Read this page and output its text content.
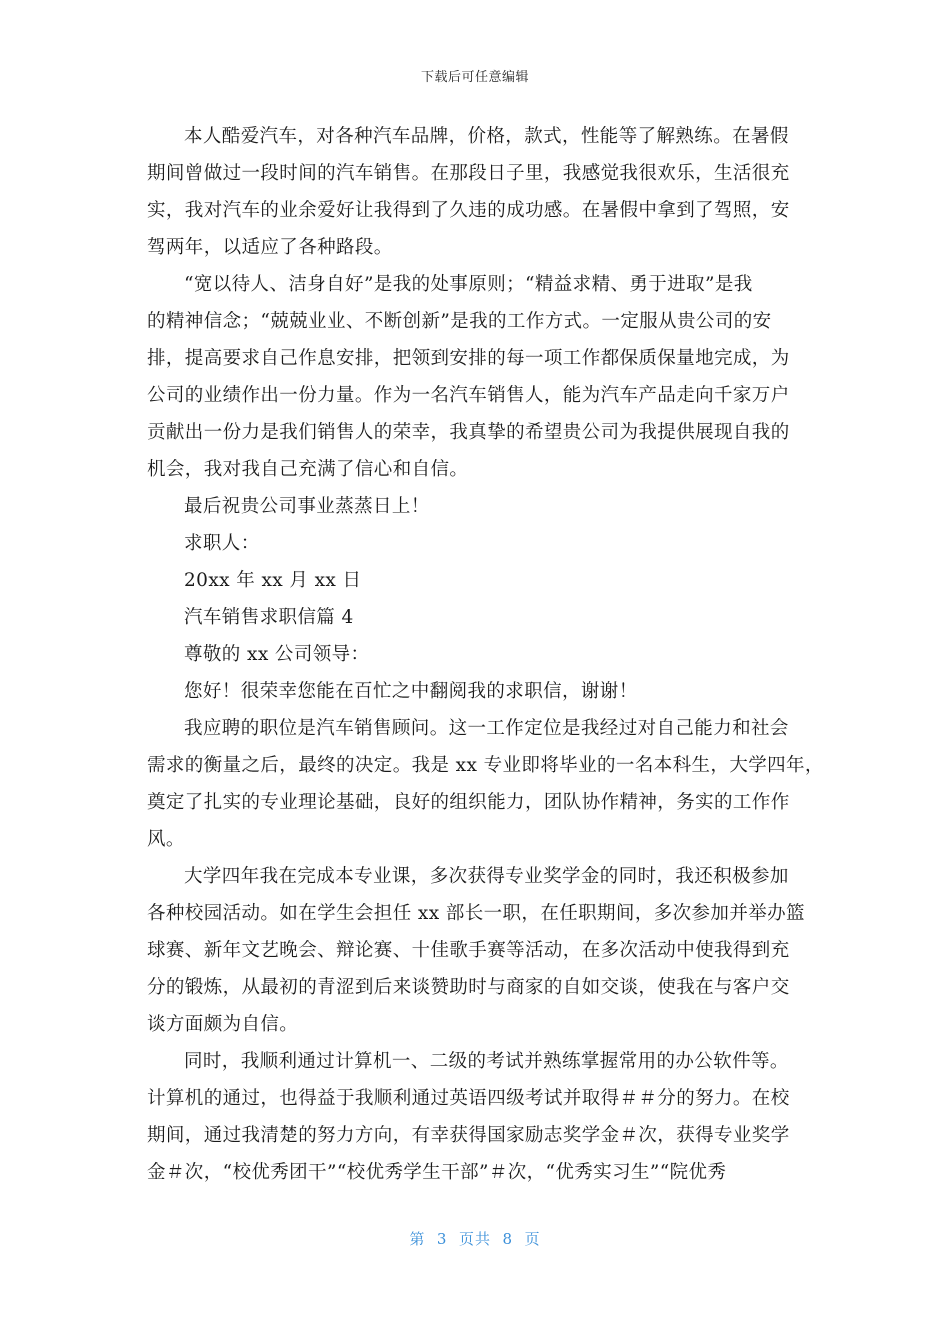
下载后可任意编辑
本人酷爱汽车，对各种汽车品牌，价格，款式，性能等了解熟练。在暑假
期间曾做过一段时间的汽车销售。在那段日子里，我感觉我很欢乐，生活很充
实，我对汽车的业余爱好让我得到了久违的成功感。在暑假中拿到了驾照，安
驾两年，以适应了各种路段。
“宽以待人、洁身自好”是我的处事原则；“精益求精、勇于进取”是我
的精神信念；“兢兢业业、不断创新”是我的工作方式。一定服从贵公司的安
排，提高要求自己作息安排，把领到安排的每一项工作都保质保量地完成，为
公司的业绩作出一份力量。作为一名汽车销售人，能为汽车产品走向千家万户
贡献出一份力是我们销售人的荣幸，我真挚的希望贵公司为我提供展现自我的
机会，我对我自己充满了信心和自信。
最后祝贵公司事业蒸蒸日上！
求职人：
20xx 年 xx 月 xx 日
汽车销售求职信篇 4
尊敬的 xx 公司领导：
您好！很荣幸您能在百忙之中翻阅我的求职信，谢谢！
我应聘的职位是汽车销售顾问。这一工作定位是我经过对自己能力和社会
需求的衡量之后，最终的决定。我是 xx 专业即将毕业的一名本科生，大学四年，
奠定了扎实的专业理论基础，良好的组织能力，团队协作精神，务实的工作作
风。
大学四年我在完成本专业课，多次获得专业奖学金的同时，我还积极参加
各种校园活动。如在学生会担任 xx 部长一职，在任职期间，多次参加并举办篮
球赛、新年文艺晚会、辩论赛、十佳歌手赛等活动，在多次活动中使我得到充
分的锻炼，从最初的青涩到后来谈赞助时与商家的自如交谈，使我在与客户交
谈方面颇为自信。
同时，我顺利通过计算机一、二级的考试并熟练掌握常用的办公软件等。
计算机的通过，也得益于我顺利通过英语四级考试并取得＃＃分的努力。在校
期间，通过我清楚的努力方向，有幸获得国家励志奖学金＃次，获得专业奖学
金＃次，“校优秀团干”“校优秀学生干部”＃次，“优秀实习生”“院优秀
第  3  页共  8  页
